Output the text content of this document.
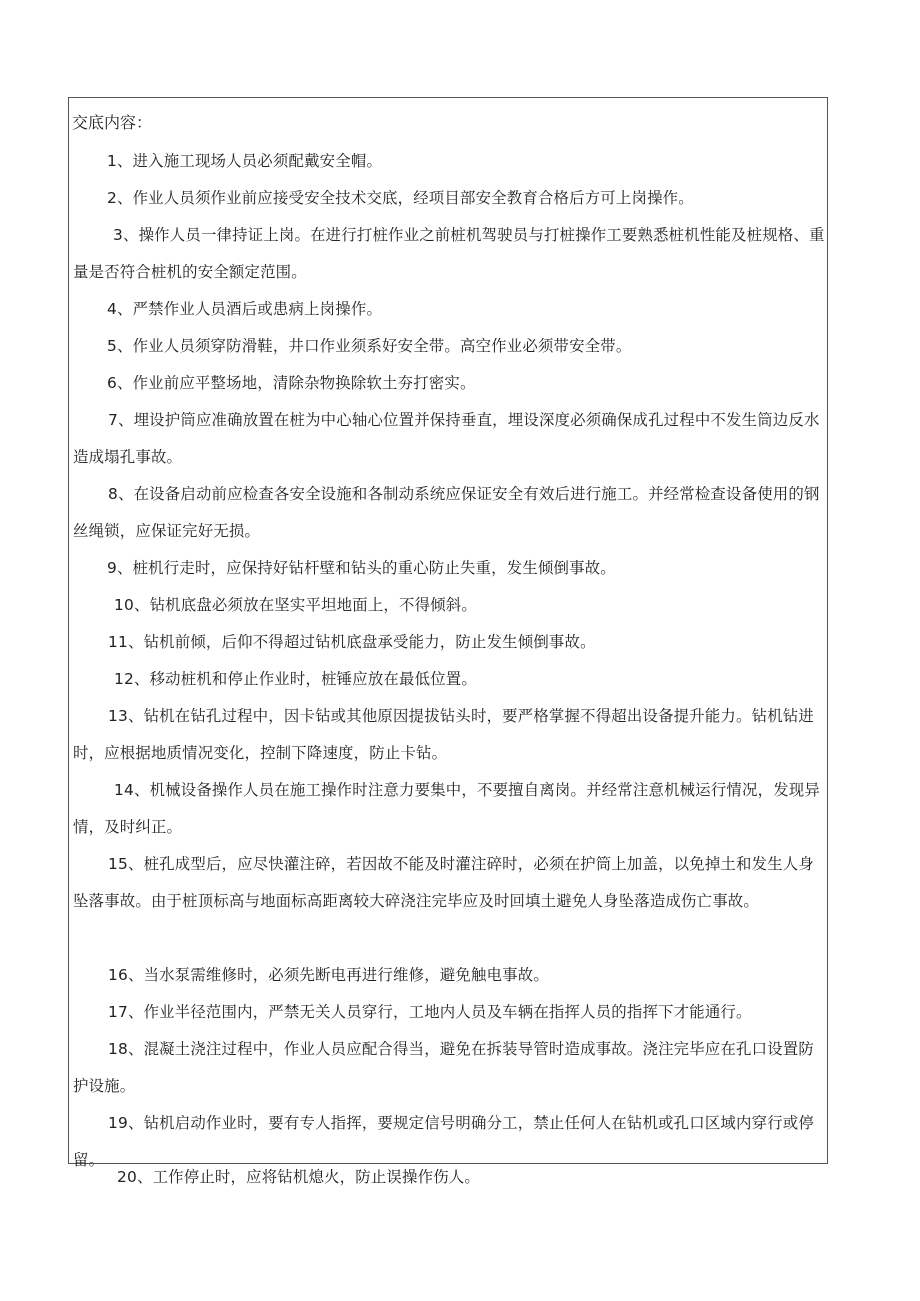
交底内容：
1、进入施工现场人员必须配戴安全帽。
2、作业人员须作业前应接受安全技术交底，经项目部安全教育合格后方可上岗操作。
3、操作人员一律持证上岗。在进行打桩作业之前桩机驾驶员与打桩操作工要熟悉桩机性能及桩规格、重量是否符合桩机的安全额定范围。
4、严禁作业人员酒后或患病上岗操作。
5、作业人员须穿防滑鞋，井口作业须系好安全带。高空作业必须带安全带。
6、作业前应平整场地，清除杂物换除软土夯打密实。
7、埋设护筒应准确放置在桩为中心轴心位置并保持垂直，埋设深度必须确保成孔过程中不发生筒边反水造成塌孔事故。
8、在设备启动前应检查各安全设施和各制动系统应保证安全有效后进行施工。并经常检查设备使用的钢丝绳锁，应保证完好无损。
9、桩机行走时，应保持好钻杆壁和钻头的重心防止失重，发生倾倒事故。
10、钻机底盘必须放在坚实平坦地面上，不得倾斜。
11、钻机前倾，后仰不得超过钻机底盘承受能力，防止发生倾倒事故。
12、移动桩机和停止作业时，桩锤应放在最低位置。
13、钻机在钻孔过程中，因卡钻或其他原因提拔钻头时，要严格掌握不得超出设备提升能力。钻机钻进时，应根据地质情况变化，控制下降速度，防止卡钻。
14、机械设备操作人员在施工操作时注意力要集中，不要擅自离岗。并经常注意机械运行情况，发现异情，及时纠正。
15、桩孔成型后，应尽快灌注碎，若因故不能及时灌注碎时，必须在护筒上加盖，以免掉土和发生人身坠落事故。由于桩顶标高与地面标高距离较大碎浇注完毕应及时回填土避免人身坠落造成伤亡事故。
16、当水泵需维修时，必须先断电再进行维修，避免触电事故。
17、作业半径范围内，严禁无关人员穿行，工地内人员及车辆在指挥人员的指挥下才能通行。
18、混凝土浇注过程中，作业人员应配合得当，避免在拆装导管时造成事故。浇注完毕应在孔口设置防护设施。
19、钻机启动作业时，要有专人指挥，要规定信号明确分工，禁止任何人在钻机或孔口区域内穿行或停留。
20、工作停止时，应将钻机熄火，防止误操作伤人。
